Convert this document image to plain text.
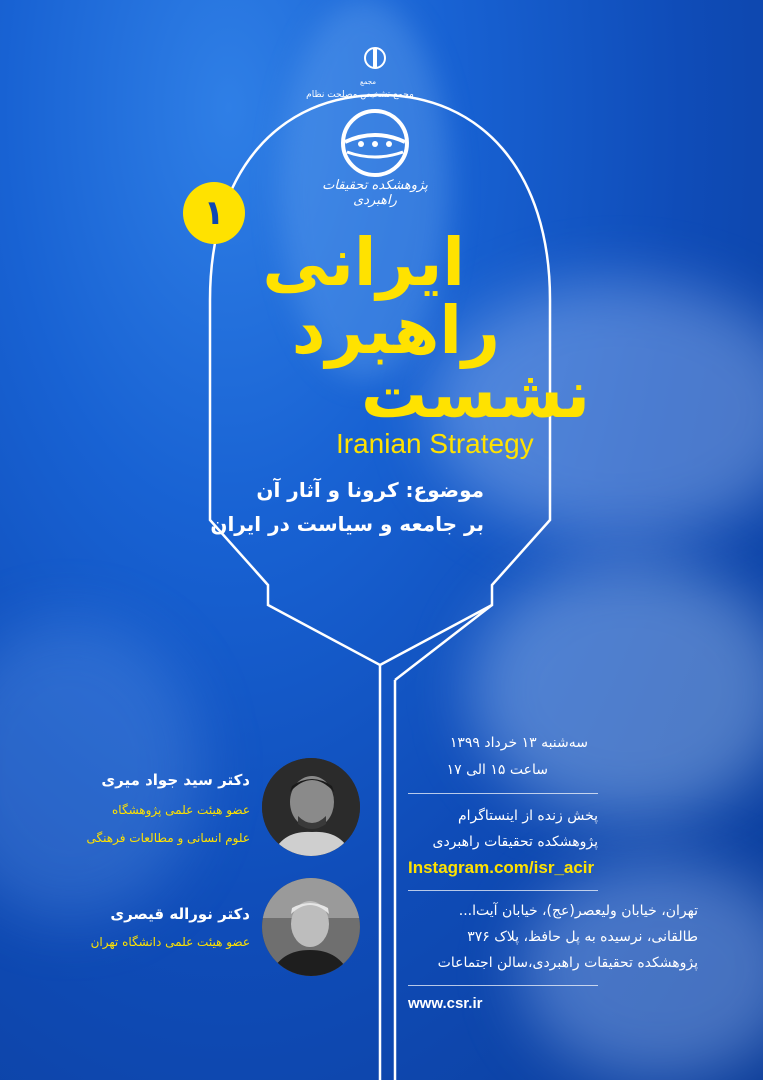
مجمع
مجمع تشخیص مصلحت نظام
پژوهشکده تحقیقات راهبردی
۱
ایرانی
راهبرد
نشست
Iranian Strategy
موضوع: کرونا و آثار آن
بر جامعه و سیاست در ایران
سه‌شنبه ۱۳ خرداد ۱۳۹۹
ساعت ۱۵ الی ۱۷
پخش زنده از اینستاگرام
پژوهشکده تحقیقات راهبردی
Instagram.com/isr_acir
تهران، خیابان ولیعصر(عج)، خیابان آیت‌ا...
طالقانی، نرسیده به پل حافظ، پلاک ۳۷۶
پژوهشکده تحقیقات راهبردی،سالن اجتماعات
www.csr.ir
دکتر سید جواد میری
عضو هیئت علمی پژوهشگاه
علوم انسانی و مطالعات فرهنگی
دکتر نوراله قیصری
عضو هیئت علمی دانشگاه تهران
